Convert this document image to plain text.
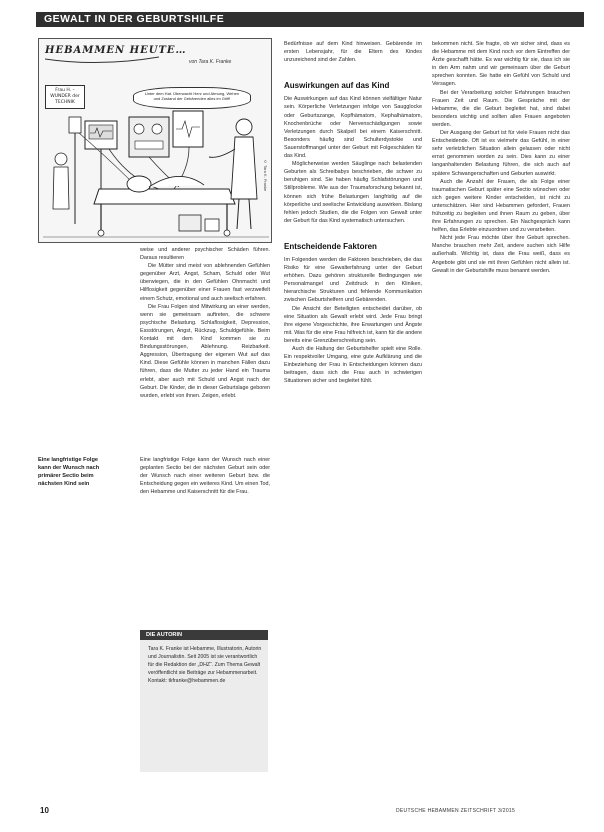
GEWALT IN DER GEBURTSHILFE
HEBAMMEN HEUTE…
von Tara K. Franke
Frau H. – WUNDER der TECHNIK
Unter dem Hat. Überwacht Herz und Atmung, Wehen und Zustand der Gebärenden alles im Griff!
© Tara K. Franke

weise und anderer psychischer Schäden führen. Daraus resultieren

Die Mütter sind meist von ablehnenden Gefühlen gegenüber Arzt, Angst, Scham, Schuld oder Wut überwiegen, die in den Gefühlen Ohnmacht und Hilflosigkeit gegenüber einer Frauen fast verzweifelt einem Schutz, emotional und auch seelisch erfahren.

Die Frau Folgen sind Mitwirkung an einer werden, wenn sie gemeinsam auftreten, die schwere psychische Belastung. Schlaflosigkeit, Depression, Essstörungen, Angst, Rückzug, Schuldgefühle. Beim Kontakt mit dem Kind kommen sie zu Bindungsstörungen, Ablehnung. Reizbarkeit. Aggression, Übertragung der eigenen Wut auf das Kind. Diese Gefühle können in manchen Fällen dazu führen, dass die Mutter zu jeder Hand ein Trauma erlebt, aber auch mit Schuld und Angst nach der Geburt. Die Kinder, die in dieser Geburtslage geboren wurden, erlebt von ihnen. Zeigen, erlebt.

Eine langfristige Folge kann der Wunsch nach primärer Sectio beim nächsten Kind sein

Eine langfristige Folge kann der Wunsch nach einer geplanten Sectio bei der nächsten Geburt sein oder der Wunsch nach einer weiteren Geburt bzw. die Entscheidung gegen ein weiteres Kind. Um einen Tod, den Hebamme und Kaiserschnitt für die Frau.

DIE AUTORIN
Tara K. Franke ist Hebamme, Illustratorin, Autorin und Journalistin. Seit 2005 ist sie verantwortlich für die Redaktion der „DHZ“. Zum Thema Gewalt veröffentlicht sie Beiträge zur Hebammenarbeit. Kontakt: tkfranke@hebammen.de

Bedürfnisse auf dem Kind hinweisen. Gebärende im ersten Lebensjahr, für die Eltern des Kindes unzureichend sind der Zahlen.

Auswirkungen auf das Kind

Die Auswirkungen auf das Kind können vielfältiger Natur sein. Körperliche Verletzungen infolge von Saugglocke oder Geburtszange, Kopfhämatom, Kephalhämatom, Knochenbrüche oder Nervenschädigungen sowie Verletzungen durch Skalpell bei einem Kaiserschnitt. Besonders häufig sind Schulterdystokie und Sauerstoffmangel unter der Geburt mit Folgeschäden für das Kind.

Möglicherweise werden Säuglinge nach belastenden Geburten als Schreibabys beschrieben, die schwer zu beruhigen sind. Sie haben häufig Schlafstörungen und Stillprobleme. Wie aus der Traumaforschung bekannt ist, können sich frühe Belastungen langfristig auf die körperliche und seelische Entwicklung auswirken. Bislang fehlen jedoch Studien, die die Folgen von Gewalt unter der Geburt für das Kind systematisch untersuchen.

Entscheidende Faktoren

Im Folgenden werden die Faktoren beschrieben, die das Risiko für eine Gewalterfahrung unter der Geburt erhöhen. Dazu gehören strukturelle Bedingungen wie Personalmangel und Zeitdruck in den Kliniken, hierarchische Strukturen und fehlende Kommunikation zwischen Geburtshelfern und Gebärenden.

Die Ansicht der Beteiligten entscheidet darüber, ob eine Situation als Gewalt erlebt wird. Jede Frau bringt ihre eigene Vorgeschichte, ihre Erwartungen und Ängste mit. Was für die eine Frau hilfreich ist, kann für die andere bereits eine Grenzüberschreitung sein.

Auch die Haltung der Geburtshelfer spielt eine Rolle. Ein respektvoller Umgang, eine gute Aufklärung und die Einbeziehung der Frau in Entscheidungen können dazu beitragen, dass sich die Frau auch in schwierigen Situationen sicher und begleitet fühlt.

bekommen nicht. Sie fragte, ob wir sicher sind, dass es die Hebamme mit dem Kind noch vor dem Eintreffen der Ärzte geschafft hätte. Es war wichtig für sie, dass ich sie in den Arm nahm und wir gemeinsam über die Geburt sprechen konnten. Sie hatte ein Gefühl von Schuld und Versagen.

Bei der Verarbeitung solcher Erfahrungen brauchen Frauen Zeit und Raum. Die Gespräche mit der Hebamme, die die Geburt begleitet hat, sind dabei besonders wichtig und sollten allen Frauen angeboten werden.

Der Ausgang der Geburt ist für viele Frauen nicht das Entscheidende. Oft ist es vielmehr das Gefühl, in einer sehr verletzlichen Situation allein gelassen oder nicht ernst genommen worden zu sein. Dies kann zu einer langanhaltenden Belastung führen, die sich auch auf spätere Schwangerschaften und Geburten auswirkt.

Auch die Anzahl der Frauen, die als Folge einer traumatischen Geburt später eine Sectio wünschen oder sich gegen weitere Kinder entscheiden, ist nicht zu unterschätzen. Hier sind Hebammen gefordert, Frauen frühzeitig zu begleiten und ihnen Raum zu geben, über ihre Erfahrungen zu sprechen. Ein Nachgespräch kann helfen, das Erlebte einzuordnen und zu verarbeiten.

Nicht jede Frau möchte über ihre Geburt sprechen. Manche brauchen mehr Zeit, andere suchen sich Hilfe außerhalb. Wichtig ist, dass die Frau weiß, dass es Angebote gibt und sie mit ihren Gefühlen nicht allein ist. Gewalt in der Geburtshilfe muss benannt werden.

10	DEUTSCHE HEBAMMEN ZEITSCHRIFT 3/2015
